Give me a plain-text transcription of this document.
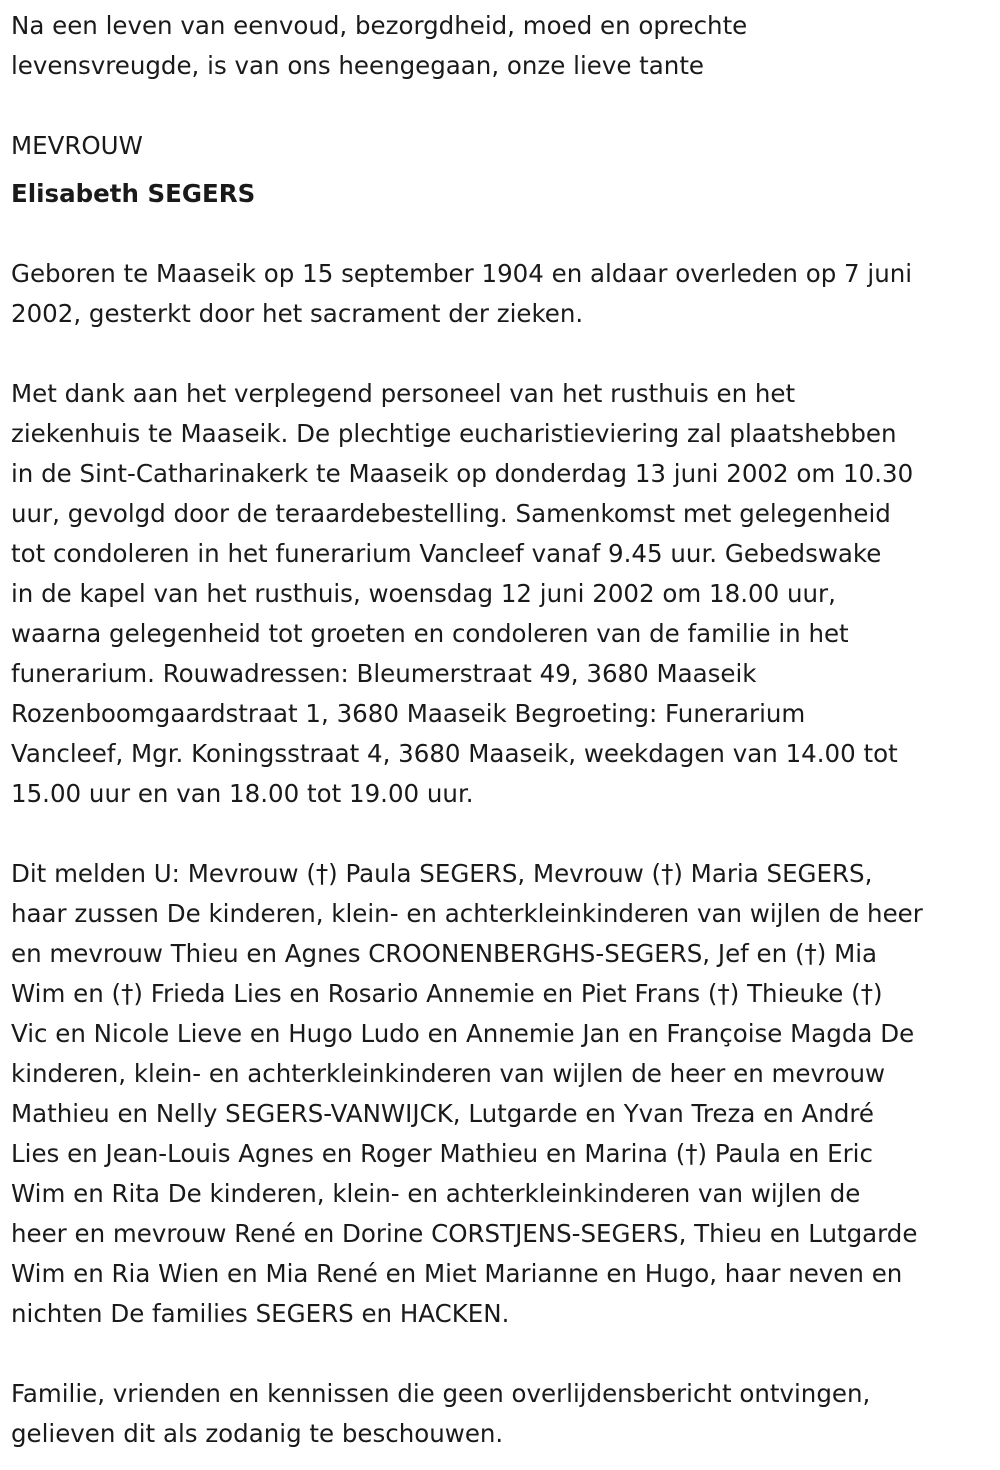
Na een leven van eenvoud, bezorgdheid, moed en oprechte
levensvreugde, is van ons heengegaan, onze lieve tante

MEVROUW

Elisabeth SEGERS

Geboren te Maaseik op 15 september 1904 en aldaar overleden op 7 juni
2002, gesterkt door het sacrament der zieken.

Met dank aan het verplegend personeel van het rusthuis en het
ziekenhuis te Maaseik. De plechtige eucharistieviering zal plaatshebben
in de Sint-Catharinakerk te Maaseik op donderdag 13 juni 2002 om 10.30
uur, gevolgd door de teraardebestelling. Samenkomst met gelegenheid
tot condoleren in het funerarium Vancleef vanaf 9.45 uur. Gebedswake
in de kapel van het rusthuis, woensdag 12 juni 2002 om 18.00 uur,
waarna gelegenheid tot groeten en condoleren van de familie in het
funerarium. Rouwadressen: Bleumerstraat 49, 3680 Maaseik
Rozenboomgaardstraat 1, 3680 Maaseik Begroeting: Funerarium
Vancleef, Mgr. Koningsstraat 4, 3680 Maaseik, weekdagen van 14.00 tot
15.00 uur en van 18.00 tot 19.00 uur.

Dit melden U: Mevrouw (†) Paula SEGERS, Mevrouw (†) Maria SEGERS,
haar zussen De kinderen, klein- en achterkleinkinderen van wijlen de heer
en mevrouw Thieu en Agnes CROONENBERGHS-SEGERS, Jef en (†) Mia
Wim en (†) Frieda Lies en Rosario Annemie en Piet Frans (†) Thieuke (†)
Vic en Nicole Lieve en Hugo Ludo en Annemie Jan en Françoise Magda De
kinderen, klein- en achterkleinkinderen van wijlen de heer en mevrouw
Mathieu en Nelly SEGERS-VANWIJCK, Lutgarde en Yvan Treza en André
Lies en Jean-Louis Agnes en Roger Mathieu en Marina (†) Paula en Eric
Wim en Rita De kinderen, klein- en achterkleinkinderen van wijlen de
heer en mevrouw René en Dorine CORSTJENS-SEGERS, Thieu en Lutgarde
Wim en Ria Wien en Mia René en Miet Marianne en Hugo, haar neven en
nichten De families SEGERS en HACKEN.

Familie, vrienden en kennissen die geen overlijdensbericht ontvingen,
gelieven dit als zodanig te beschouwen.
